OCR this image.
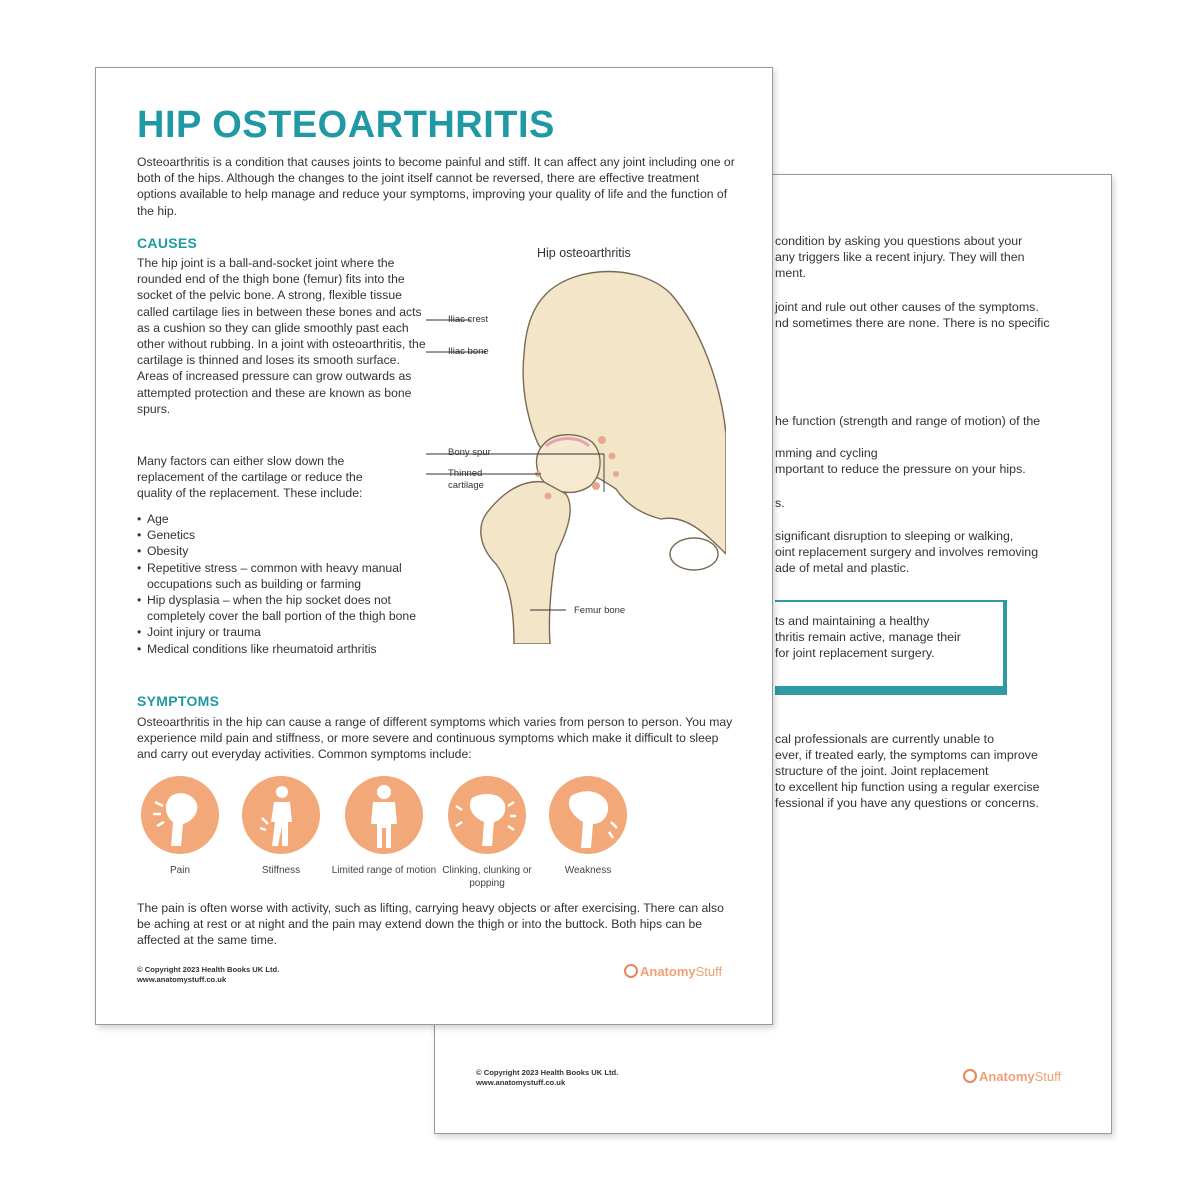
condition by asking you questions about your
any triggers like a recent injury. They will then
ment.
joint and rule out other causes of the symptoms.
nd sometimes there are none. There is no specific
he function (strength and range of motion) of the
mming and cycling
mportant to reduce the pressure on your hips.
s.
significant disruption to sleeping or walking,
oint replacement surgery and involves removing
ade of metal and plastic.
ts and maintaining a healthy
thritis remain active, manage their
for joint replacement surgery.
cal professionals are currently unable to
ever, if treated early, the symptoms can improve
structure of the joint. Joint replacement
to excellent hip function using a regular exercise
fessional if you have any questions or concerns.
© Copyright 2023 Health Books UK Ltd.
www.anatomystuff.co.uk	AnatomyStuff
HIP OSTEOARTHRITIS

Osteoarthritis is a condition that causes joints to become painful and stiff. It can affect any joint including one or both of the hips. Although the changes to the joint itself cannot be reversed, there are effective treatment options available to help manage and reduce your symptoms, improving your quality of life and the function of the hip.

CAUSES

The hip joint is a ball-and-socket joint where the rounded end of the thigh bone (femur) fits into the socket of the pelvic bone. A strong, flexible tissue called cartilage lies in between these bones and acts as a cushion so they can glide smoothly past each other without rubbing. In a joint with osteoarthritis, the cartilage is thinned and loses its smooth surface. Areas of increased pressure can grow outwards as attempted protection and these are known as bone spurs.

Many factors can either slow down the replacement of the cartilage or reduce the quality of the replacement. These include:

• Age
• Genetics
• Obesity
• Repetitive stress – common with heavy manual occupations such as building or farming
• Hip dysplasia – when the hip socket does not completely cover the ball portion of the thigh bone
• Joint injury or trauma
• Medical conditions like rheumatoid arthritis
Hip osteoarthritis
Iliac crest
Iliac bone
Bony spur
Thinned cartilage
Femur bone
SYMPTOMS

Osteoarthritis in the hip can cause a range of different symptoms which varies from person to person. You may experience mild pain and stiffness, or more severe and continuous symptoms which make it difficult to sleep and carry out everyday activities. Common symptoms include:

Pain	Stiffness	Limited range of motion Clinking, clunking or popping
Weakness

The pain is often worse with activity, such as lifting, carrying heavy objects or after exercising. There can also be aching at rest or at night and the pain may extend down the thigh or into the buttock. Both hips can be affected at the same time.

© Copyright 2023 Health Books UK Ltd.
www.anatomystuff.co.uk
AnatomyStuff
